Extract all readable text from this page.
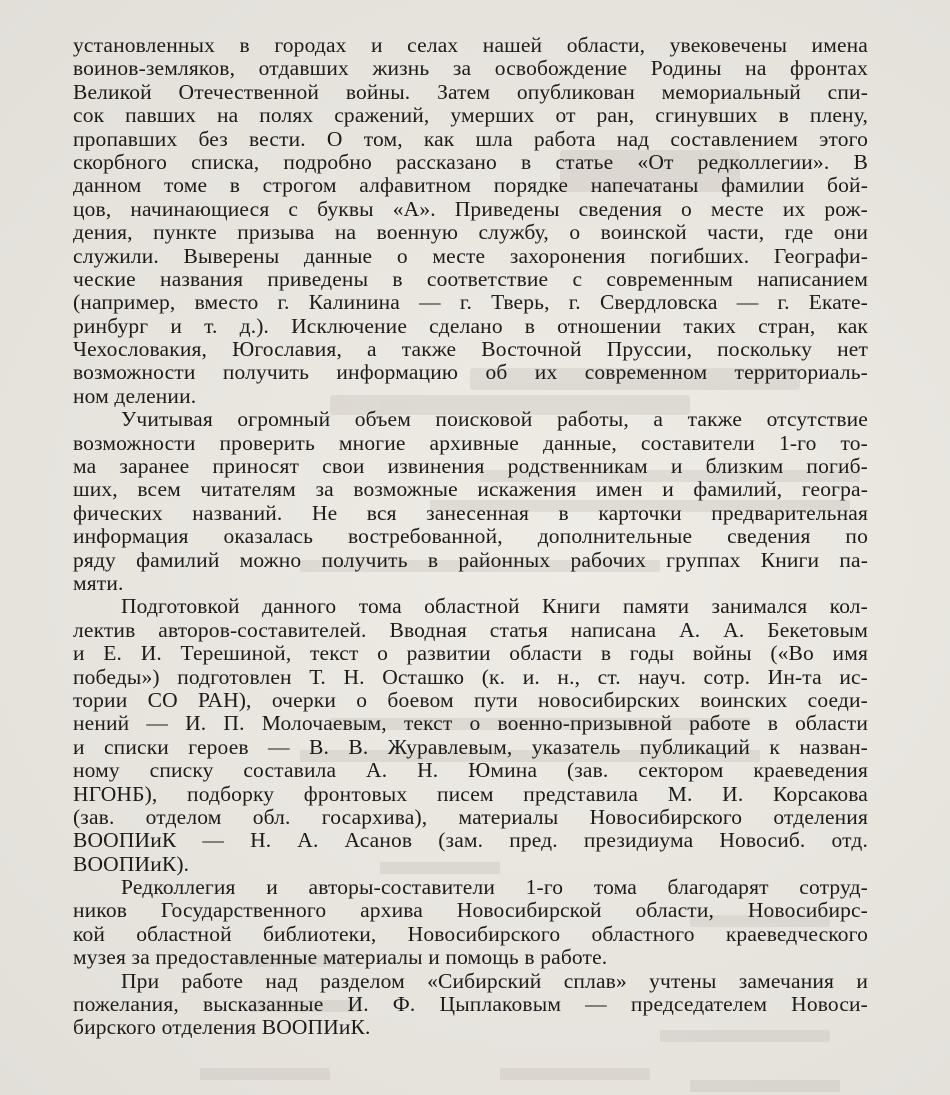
установленных в городах и селах нашей области, увековечены имена
воинов-земляков, отдавших жизнь за освобождение Родины на фронтах
Великой Отечественной войны. Затем опубликован мемориальный спи-
сок павших на полях сражений, умерших от ран, сгинувших в плену,
пропавших без вести. О том, как шла работа над составлением этого
скорбного списка, подробно рассказано в статье «От редколлегии». В
данном томе в строгом алфавитном порядке напечатаны фамилии бой-
цов, начинающиеся с буквы «А». Приведены сведения о месте их рож-
дения, пункте призыва на военную службу, о воинской части, где они
служили. Выверены данные о месте захоронения погибших. Географи-
ческие названия приведены в соответствие с современным написанием
(например, вместо г. Калинина — г. Тверь, г. Свердловска — г. Екате-
ринбург и т. д.). Исключение сделано в отношении таких стран, как
Чехословакия, Югославия, а также Восточной Пруссии, поскольку нет
возможности получить информацию об их современном территориаль-
ном делении.
Учитывая огромный объем поисковой работы, а также отсутствие
возможности проверить многие архивные данные, составители 1-го то-
ма заранее приносят свои извинения родственникам и близким погиб-
ших, всем читателям за возможные искажения имен и фамилий, геогра-
фических названий. Не вся занесенная в карточки предварительная
информация оказалась востребованной, дополнительные сведения по
ряду фамилий можно получить в районных рабочих группах Книги па-
мяти.
Подготовкой данного тома областной Книги памяти занимался кол-
лектив авторов-составителей. Вводная статья написана А. А. Бекетовым
и Е. И. Терешиной, текст о развитии области в годы войны («Во имя
победы») подготовлен Т. Н. Осташко (к. и. н., ст. науч. сотр. Ин-та ис-
тории СО РАН), очерки о боевом пути новосибирских воинских соеди-
нений — И. П. Молочаевым, текст о военно-призывной работе в области
и списки героев — В. В. Журавлевым, указатель публикаций к назван-
ному списку составила А. Н. Юмина (зав. сектором краеведения
НГОНБ), подборку фронтовых писем представила М. И. Корсакова
(зав. отделом обл. госархива), материалы Новосибирского отделения
ВООПИиК — Н. А. Асанов (зам. пред. президиума Новосиб. отд.
ВООПИиК).
Редколлегия и авторы-составители 1-го тома благодарят сотруд-
ников Государственного архива Новосибирской области, Новосибирс-
кой областной библиотеки, Новосибирского областного краеведческого
музея за предоставленные материалы и помощь в работе.
При работе над разделом «Сибирский сплав» учтены замечания и
пожелания, высказанные И. Ф. Цыплаковым — председателем Новоси-
бирского отделения ВООПИиК.
